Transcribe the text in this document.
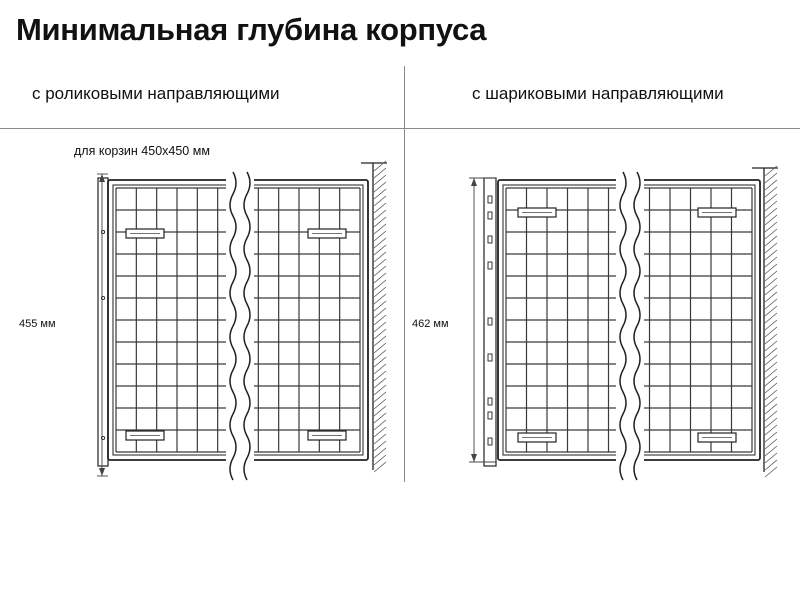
Минимальная глубина корпуса
с роликовыми направляющими	с шариковыми направляющими
для корзин 450x450 мм
455 мм	462 мм
